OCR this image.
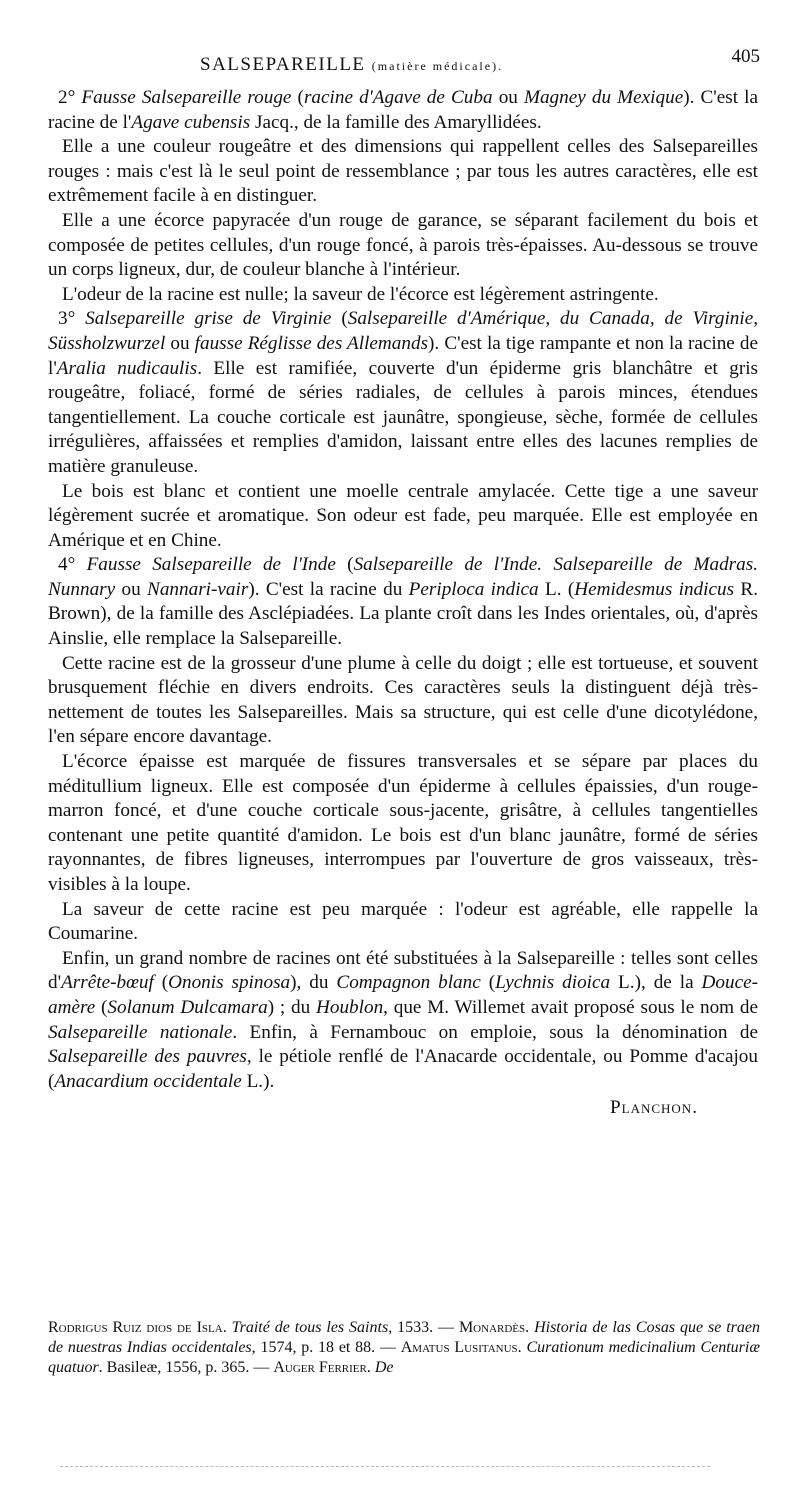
SALSEPAREILLE (matière médicale).	405

2° Fausse Salsepareille rouge (racine d'Agave de Cuba ou Magney du Mexique). C'est la racine de l'Agave cubensis Jacq., de la famille des Amaryllidées.

Elle a une couleur rougeâtre et des dimensions qui rappellent celles des Salsepareilles rouges : mais c'est là le seul point de ressemblance ; par tous les autres caractères, elle est extrêmement facile à en distinguer.

Elle a une écorce papyracée d'un rouge de garance, se séparant facilement du bois et composée de petites cellules, d'un rouge foncé, à parois très-épaisses. Au-dessous se trouve un corps ligneux, dur, de couleur blanche à l'intérieur.

L'odeur de la racine est nulle; la saveur de l'écorce est légèrement astringente.

3° Salsepareille grise de Virginie (Salsepareille d'Amérique, du Canada, de Virginie, Süssholzwurzel ou fausse Réglisse des Allemands). C'est la tige rampante et non la racine de l'Aralia nudicaulis. Elle est ramifiée, couverte d'un épiderme gris blanchâtre et gris rougeâtre, foliacé, formé de séries radiales, de cellules à parois minces, étendues tangentiellement. La couche corticale est jaunâtre, spongieuse, sèche, formée de cellules irrégulières, affaissées et remplies d'amidon, laissant entre elles des lacunes remplies de matière granuleuse.

Le bois est blanc et contient une moelle centrale amylacée. Cette tige a une saveur légèrement sucrée et aromatique. Son odeur est fade, peu marquée. Elle est employée en Amérique et en Chine.

4° Fausse Salsepareille de l'Inde (Salsepareille de l'Inde. Salsepareille de Madras. Nunnary ou Nannari-vair). C'est la racine du Periploca indica L. (Hemidesmus indicus R. Brown), de la famille des Asclépiadées. La plante croît dans les Indes orientales, où, d'après Ainslie, elle remplace la Salsepareille.

Cette racine est de la grosseur d'une plume à celle du doigt ; elle est tortueuse, et souvent brusquement fléchie en divers endroits. Ces caractères seuls la distinguent déjà très-nettement de toutes les Salsepareilles. Mais sa structure, qui est celle d'une dicotylédone, l'en sépare encore davantage.

L'écorce épaisse est marquée de fissures transversales et se sépare par places du méditullium ligneux. Elle est composée d'un épiderme à cellules épaissies, d'un rouge-marron foncé, et d'une couche corticale sous-jacente, grisâtre, à cellules tangentielles contenant une petite quantité d'amidon. Le bois est d'un blanc jaunâtre, formé de séries rayonnantes, de fibres ligneuses, interrompues par l'ouverture de gros vaisseaux, très-visibles à la loupe.

La saveur de cette racine est peu marquée : l'odeur est agréable, elle rappelle la Coumarine.

Enfin, un grand nombre de racines ont été substituées à la Salsepareille : telles sont celles d'Arrête-bœuf (Ononis spinosa), du Compagnon blanc (Lychnis dioica L.), de la Douce-amère (Solanum Dulcamara) ; du Houblon, que M. Willemet avait proposé sous le nom de Salsepareille nationale. Enfin, à Fernambouc on emploie, sous la dénomination de Salsepareille des pauvres, le pétiole renflé de l'Anacarde occidentale, ou Pomme d'acajou (Anacardium occidentale L.).

Planchon.
Rodrigus Ruiz dios de Isla. Traité de tous les Saints, 1533. — Monardès. Historia de las Cosas que se traen de nuestras Indias occidentales, 1574, p. 18 et 88. — Amatus Lusitanus. Curationum medicinalium Centuriæ quatuor. Basileæ, 1556, p. 365. — Auger Ferrier. De
